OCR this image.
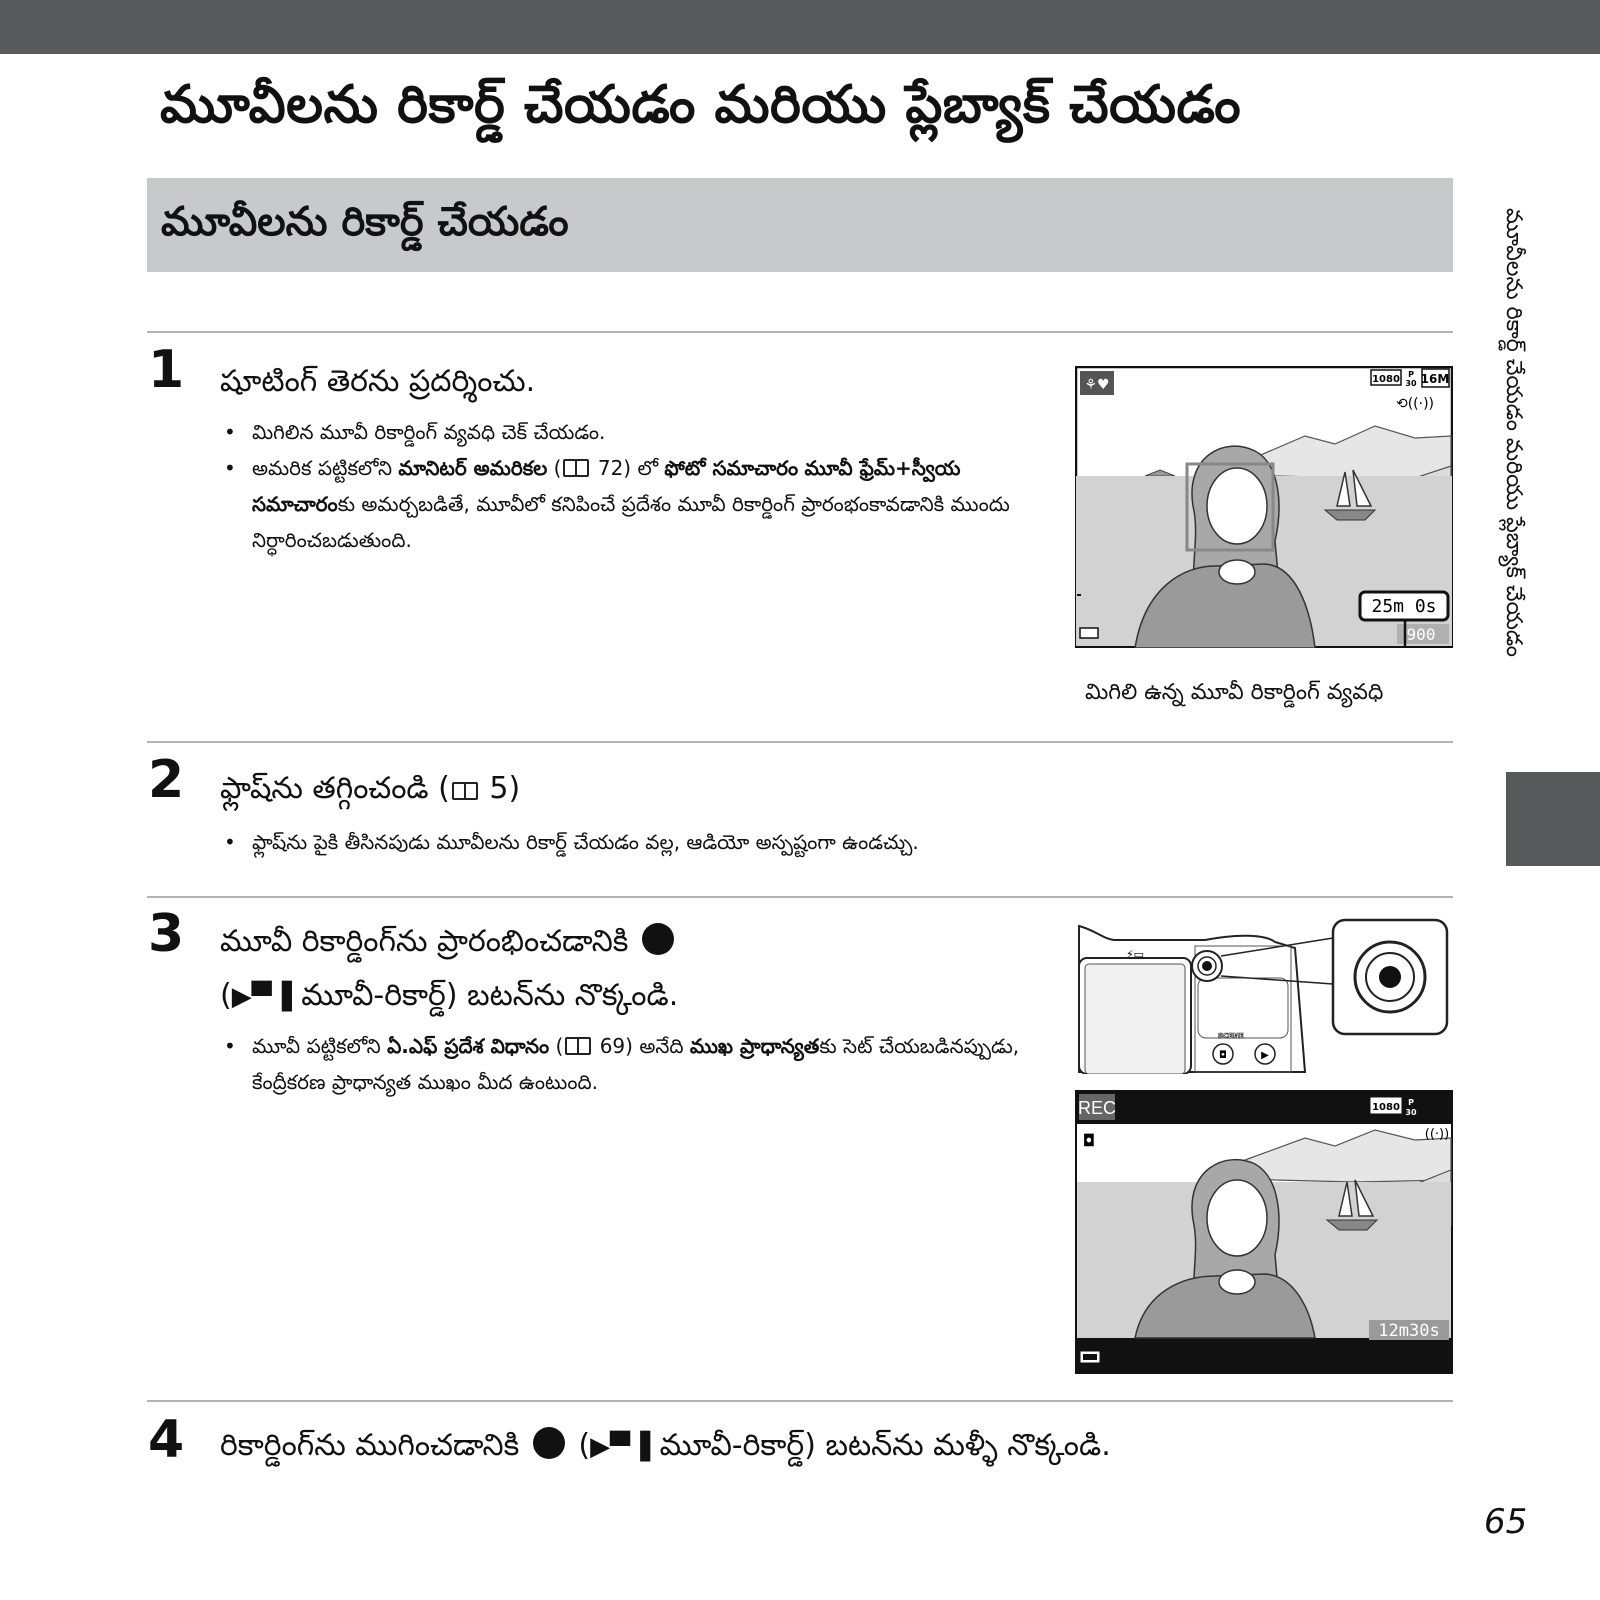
మూవీలను రికార్డ్ చేయడం మరియు ప్లేబ్యాక్ చేయడం
మూవీలను రికార్డ్ చేయడం	మూవీలను రికార్డ్ చేయడం మరియు ప్లేబ్యాక్ చేయడం
1 షూటింగ్ తెరను ప్రదర్శించు.
• మిగిలిన మూవీ రికార్డింగ్ వ్యవధి చెక్ చేయడం.
• అమరిక పట్టికలోని మానిటర్ అమరికల ( 72) లో ఫోటో సమాచారం మూవీ ఫ్రేమ్+స్వీయ సమాచారంకు అమర్చబడితే, మూవీలో కనిపించే ప్రదేశం మూవీ రికార్డింగ్ ప్రారంభంకావడానికి ముందు నిర్ధారించబడుతుంది.
⚘♥	1080 P
30 16M
⟲((·))
25m 0s
900
మిగిలి ఉన్న మూవీ రికార్డింగ్ వ్యవధి
2 ఫ్లాష్‌ను తగ్గించండి ( 5)
• ఫ్లాష్‌ను పైకి తీసినపుడు మూవీలను రికార్డ్ చేయడం వల్ల, ఆడియో అస్పష్టంగా ఉండచ్చు.
3 మూవీ రికార్డింగ్‌ను ప్రారంభించడానికి
(▶▀▐ మూవీ-రికార్డ్) బటన్‌ను నొక్కండి.
• మూవీ పట్టికలోని ఏ.ఎఫ్ ప్రదేశ విధానం ( 69) అనేది ముఖ ప్రాధాన్యతకు సెట్ చేయబడినప్పుడు, కేంద్రీకరణ ప్రాధాన్యత ముఖం మీద ఉంటుంది.
⚡▭
SCENE
◘	▶
REC	1080 P
30
◘	((·))
12m30s
4 రికార్డింగ్‌ను ముగించడానికి  (▶▀▐ మూవీ-రికార్డ్) బటన్‌ను మళ్ళీ నొక్కండి.
65
